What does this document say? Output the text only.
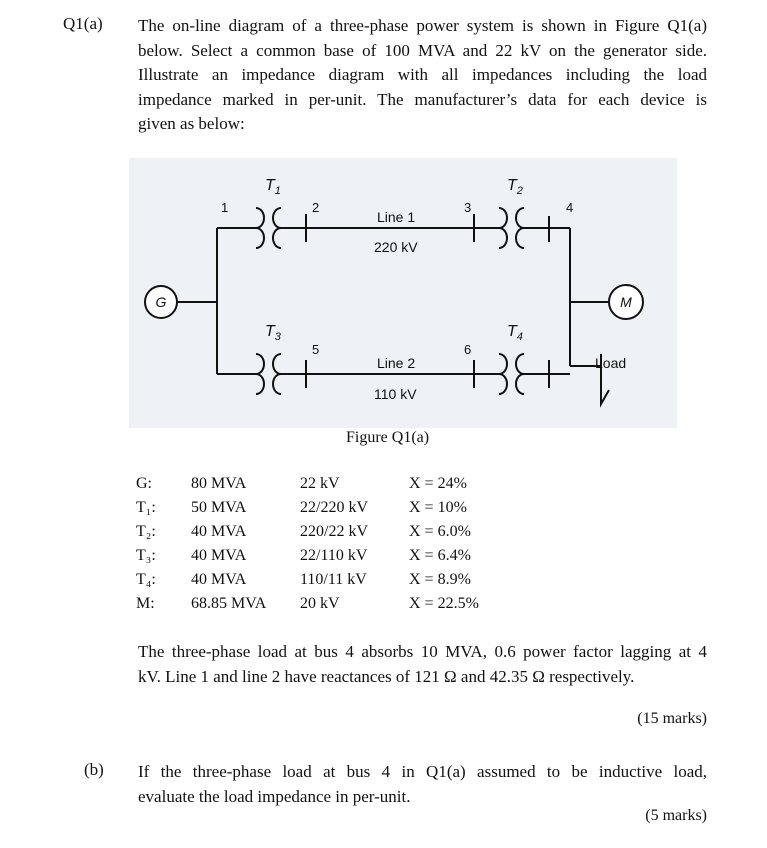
Q1(a) The on-line diagram of a three-phase power system is shown in Figure Q1(a)
below. Select a common base of 100 MVA and 22 kV on the generator side.
Illustrate an impedance diagram with all impedances including the load
impedance marked in per-unit. The manufacturer’s data for each device is
given as below:
G	M
$T_1$	$T_2$
$T_3$	$T_4$
1	2	3	4
5	6
Line 1
220 kV
Line 2
110 kV
Load
Figure Q1(a)
G: 80 MVA	22 kV	X = 24%
T₁: 50 MVA	22/220 kV	X = 10%
T₂: 40 MVA	220/22 kV	X = 6.0%
T₃: 40 MVA	22/110 kV	X = 6.4%
T₄: 40 MVA	110/11 kV	X = 8.9%
M: 68.85 MVA 20 kV	X = 22.5%
The three-phase load at bus 4 absorbs 10 MVA, 0.6 power factor lagging at 4
kV. Line 1 and line 2 have reactances of 121 Ω and 42.35 Ω respectively.
(15 marks)
(b) If the three-phase load at bus 4 in Q1(a) assumed to be inductive load,
evaluate the load impedance in per-unit.
(5 marks)
